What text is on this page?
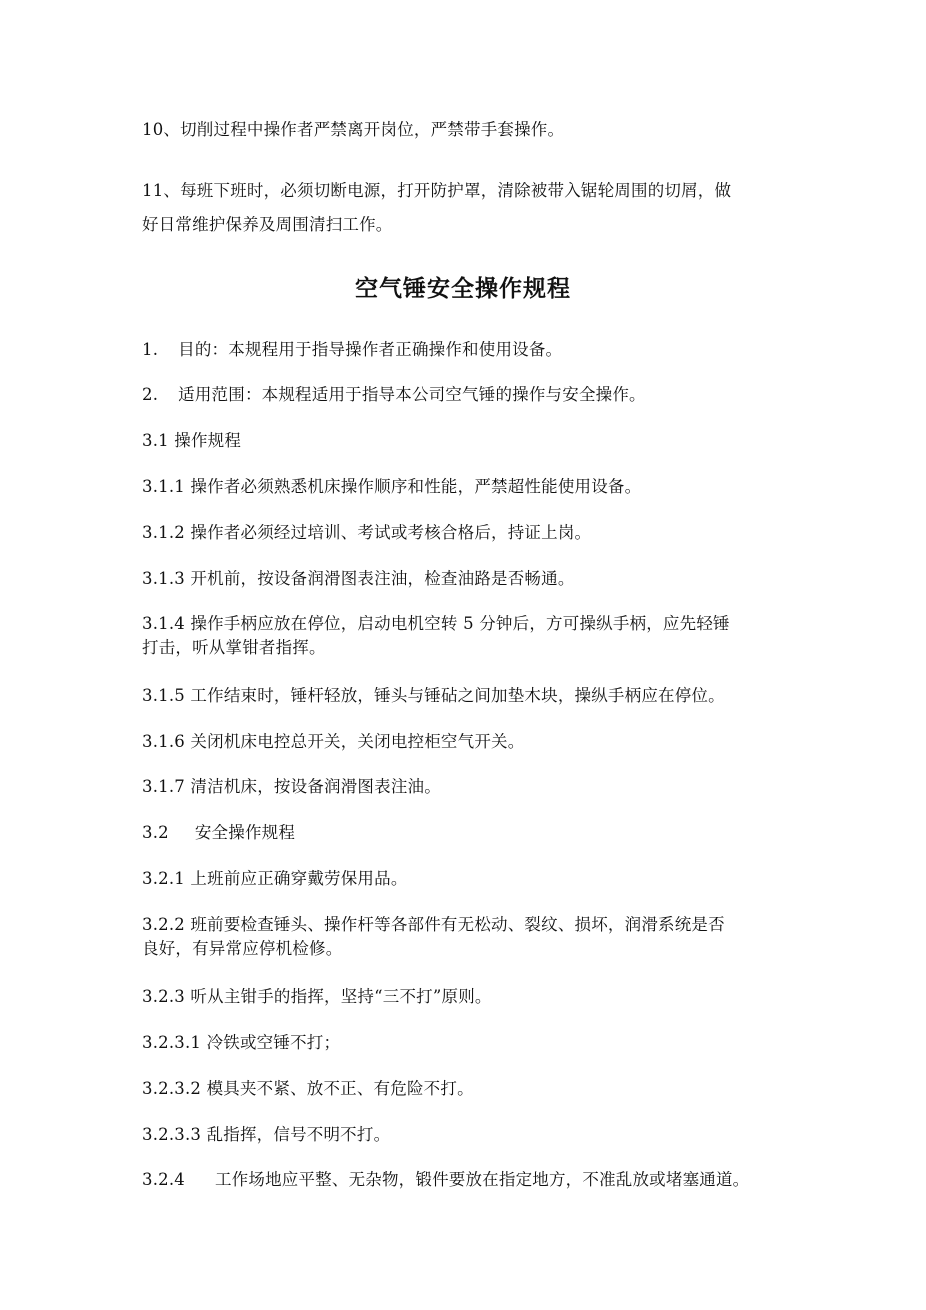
10、切削过程中操作者严禁离开岗位，严禁带手套操作。
11、每班下班时，必须切断电源，打开防护罩，清除被带入锯轮周围的切屑，做
好日常维护保养及周围清扫工作。
空气锤安全操作规程
1. 目的：本规程用于指导操作者正确操作和使用设备。
2. 适用范围：本规程适用于指导本公司空气锤的操作与安全操作。
3.1 操作规程
3.1.1 操作者必须熟悉机床操作顺序和性能，严禁超性能使用设备。
3.1.2 操作者必须经过培训、考试或考核合格后，持证上岗。
3.1.3 开机前，按设备润滑图表注油，检查油路是否畅通。
3.1.4 操作手柄应放在停位，启动电机空转 5 分钟后，方可操纵手柄，应先轻锤
打击，听从掌钳者指挥。
3.1.5 工作结束时，锤杆轻放，锤头与锤砧之间加垫木块，操纵手柄应在停位。
3.1.6 关闭机床电控总开关，关闭电控柜空气开关。
3.1.7 清洁机床，按设备润滑图表注油。
3.2 安全操作规程
3.2.1 上班前应正确穿戴劳保用品。
3.2.2 班前要检查锤头、操作杆等各部件有无松动、裂纹、损坏，润滑系统是否
良好，有异常应停机检修。
3.2.3 听从主钳手的指挥，坚持“三不打”原则。
3.2.3.1 冷铁或空锤不打；
3.2.3.2 模具夹不紧、放不正、有危险不打。
3.2.3.3 乱指挥，信号不明不打。
3.2.4 工作场地应平整、无杂物，锻件要放在指定地方，不准乱放或堵塞通道。
